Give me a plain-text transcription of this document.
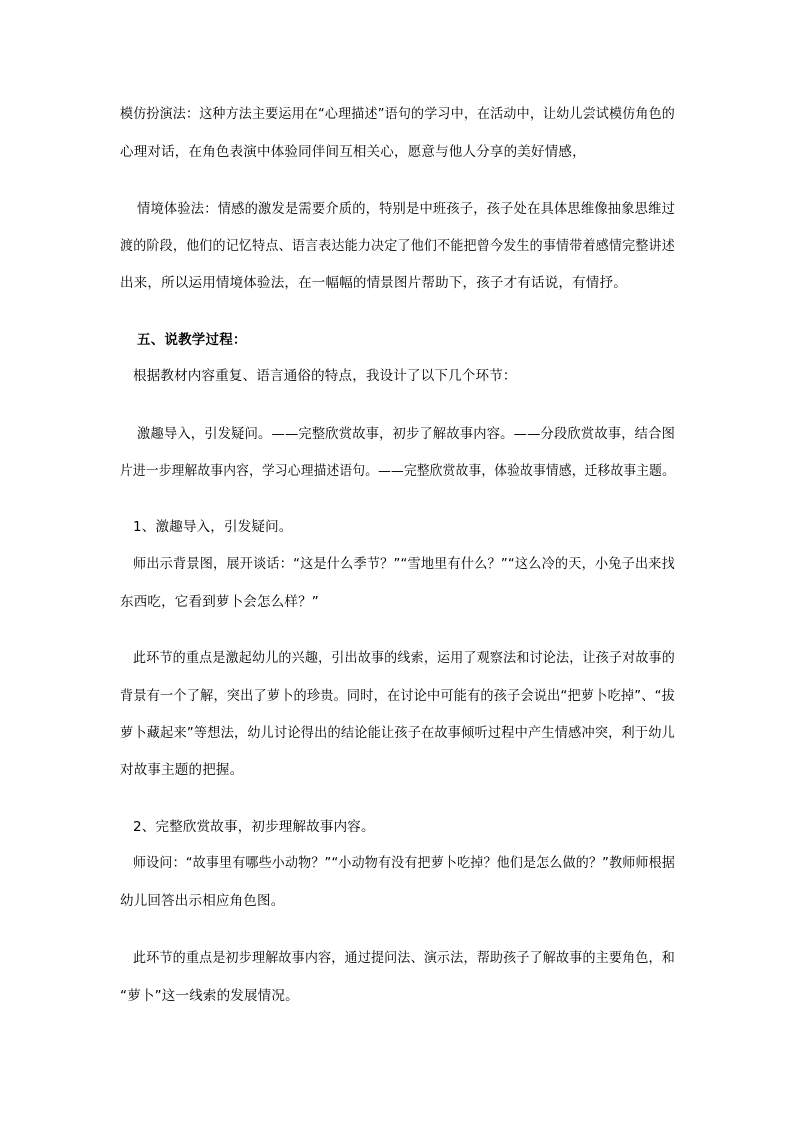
模仿扮演法：这种方法主要运用在“心理描述”语句的学习中，在活动中，让幼儿尝试模仿角色的
心理对话，在角色表演中体验同伴间互相关心，愿意与他人分享的美好情感，
情境体验法：情感的激发是需要介质的，特别是中班孩子，孩子处在具体思维像抽象思维过
渡的阶段，他们的记忆特点、语言表达能力决定了他们不能把曾今发生的事情带着感情完整讲述
出来，所以运用情境体验法，在一幅幅的情景图片帮助下，孩子才有话说，有情抒。
五、说教学过程：
根据教材内容重复、语言通俗的特点，我设计了以下几个环节：
激趣导入，引发疑问。——完整欣赏故事，初步了解故事内容。——分段欣赏故事，结合图
片进一步理解故事内容，学习心理描述语句。——完整欣赏故事，体验故事情感，迁移故事主题。
1、激趣导入，引发疑问。
师出示背景图，展开谈话：“这是什么季节？”“雪地里有什么？”“这么冷的天，小兔子出来找
东西吃，它看到萝卜会怎么样？”
此环节的重点是激起幼儿的兴趣，引出故事的线索，运用了观察法和讨论法，让孩子对故事的
背景有一个了解，突出了萝卜的珍贵。同时，在讨论中可能有的孩子会说出“把萝卜吃掉”、“拔
萝卜藏起来”等想法，幼儿讨论得出的结论能让孩子在故事倾听过程中产生情感冲突，利于幼儿
对故事主题的把握。
2、完整欣赏故事，初步理解故事内容。
师设问：“故事里有哪些小动物？”“小动物有没有把萝卜吃掉？他们是怎么做的？”教师师根据
幼儿回答出示相应角色图。
此环节的重点是初步理解故事内容，通过提问法、演示法，帮助孩子了解故事的主要角色，和
“萝卜”这一线索的发展情况。
